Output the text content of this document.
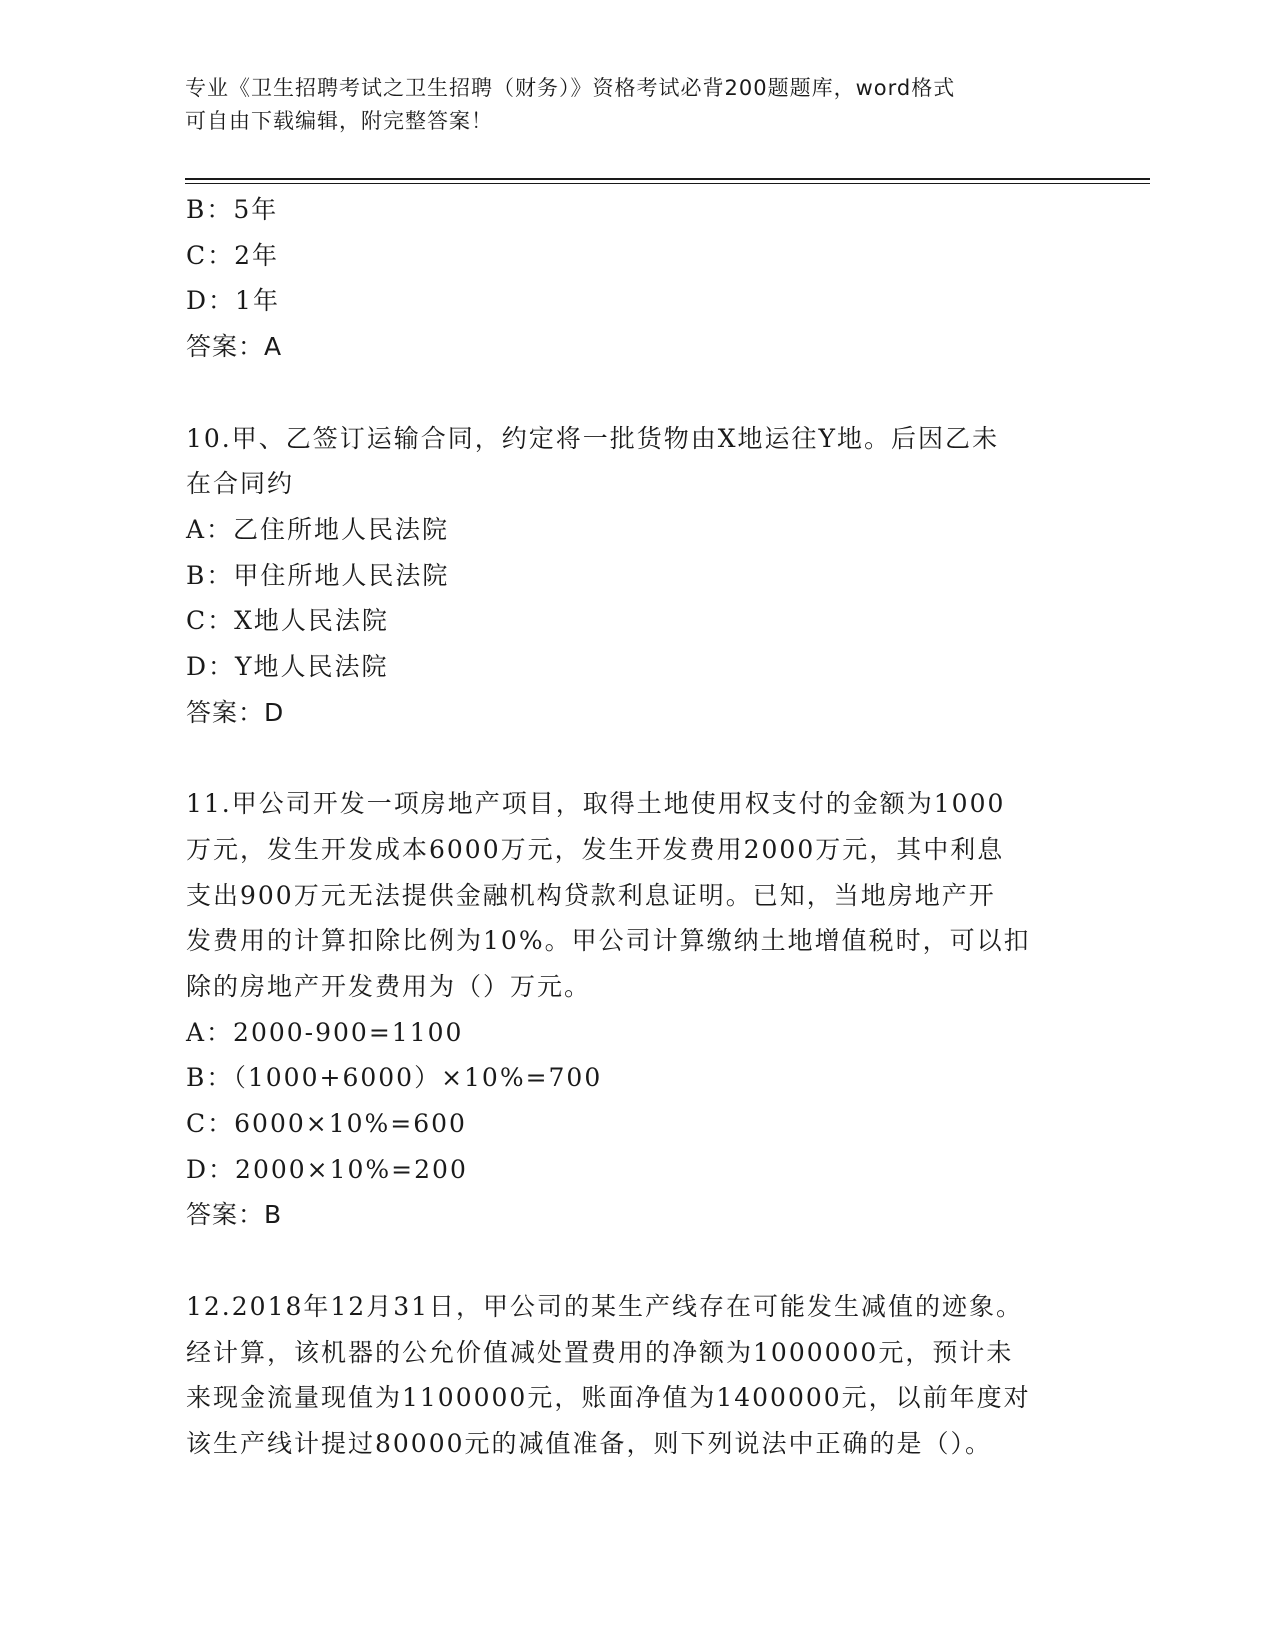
专业《卫生招聘考试之卫生招聘（财务）》资格考试必背200题题库，word格式
可自由下载编辑，附完整答案！
B：5年
C：2年
D：1年
答案：A
10.甲、乙签订运输合同，约定将一批货物由X地运往Y地。后因乙未
在合同约
A：乙住所地人民法院
B：甲住所地人民法院
C：X地人民法院
D：Y地人民法院
答案：D
11.甲公司开发一项房地产项目，取得土地使用权支付的金额为1000
万元，发生开发成本6000万元，发生开发费用2000万元，其中利息
支出900万元无法提供金融机构贷款利息证明。已知，当地房地产开
发费用的计算扣除比例为10%。甲公司计算缴纳土地增值税时，可以扣
除的房地产开发费用为（）万元。
A：2000-900=1100
B：（1000+6000）×10%=700
C：6000×10%=600
D：2000×10%=200
答案：B
12.2018年12月31日，甲公司的某生产线存在可能发生减值的迹象。
经计算，该机器的公允价值减处置费用的净额为1000000元，预计未
来现金流量现值为1100000元，账面净值为1400000元，以前年度对
该生产线计提过80000元的减值准备，则下列说法中正确的是（）。
